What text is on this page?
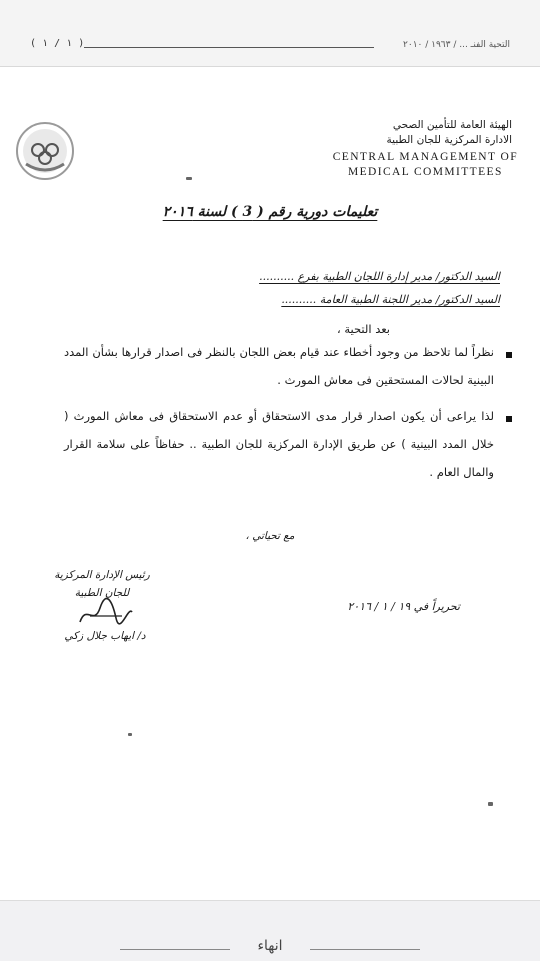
( ١ / ١ )	التحية الفنـ ... / ١٩٦٣ / ٢٠١٠
الهيئة العامة للتأمين الصحي
الادارة المركزية للجان الطبية
CENTRAL MANAGEMENT OF
MEDICAL COMMITTEES
تعليمات دورية رقم ( 3 ) لسنة ٢٠١٦
السيد الدكتور/ مدير إدارة اللجان الطبية بفرع ..........
السيد الدكتور/ مدير اللجنة الطبية العامة ..........
بعد التحية ،
نظراً لما تلاحظ من وجود أخطاء عند قيام بعض اللجان بالنظر فى اصدار قرارها بشأن المدد البينية لحالات المستحقين فى معاش المورث .
لذا يراعى أن يكون اصدار قرار مدى الاستحقاق أو عدم الاستحقاق فى معاش المورث ( خلال المدد البينية ) عن طريق الإدارة المركزية للجان الطبية .. حفاظاً على سلامة القرار والمال العام .
مع تحياتي ،
رئيس الإدارة المركزية
للجان الطبية
د/ ايهاب جلال زكي
تحريراً في ١٩ / ١ / ٢٠١٦
انهاء
